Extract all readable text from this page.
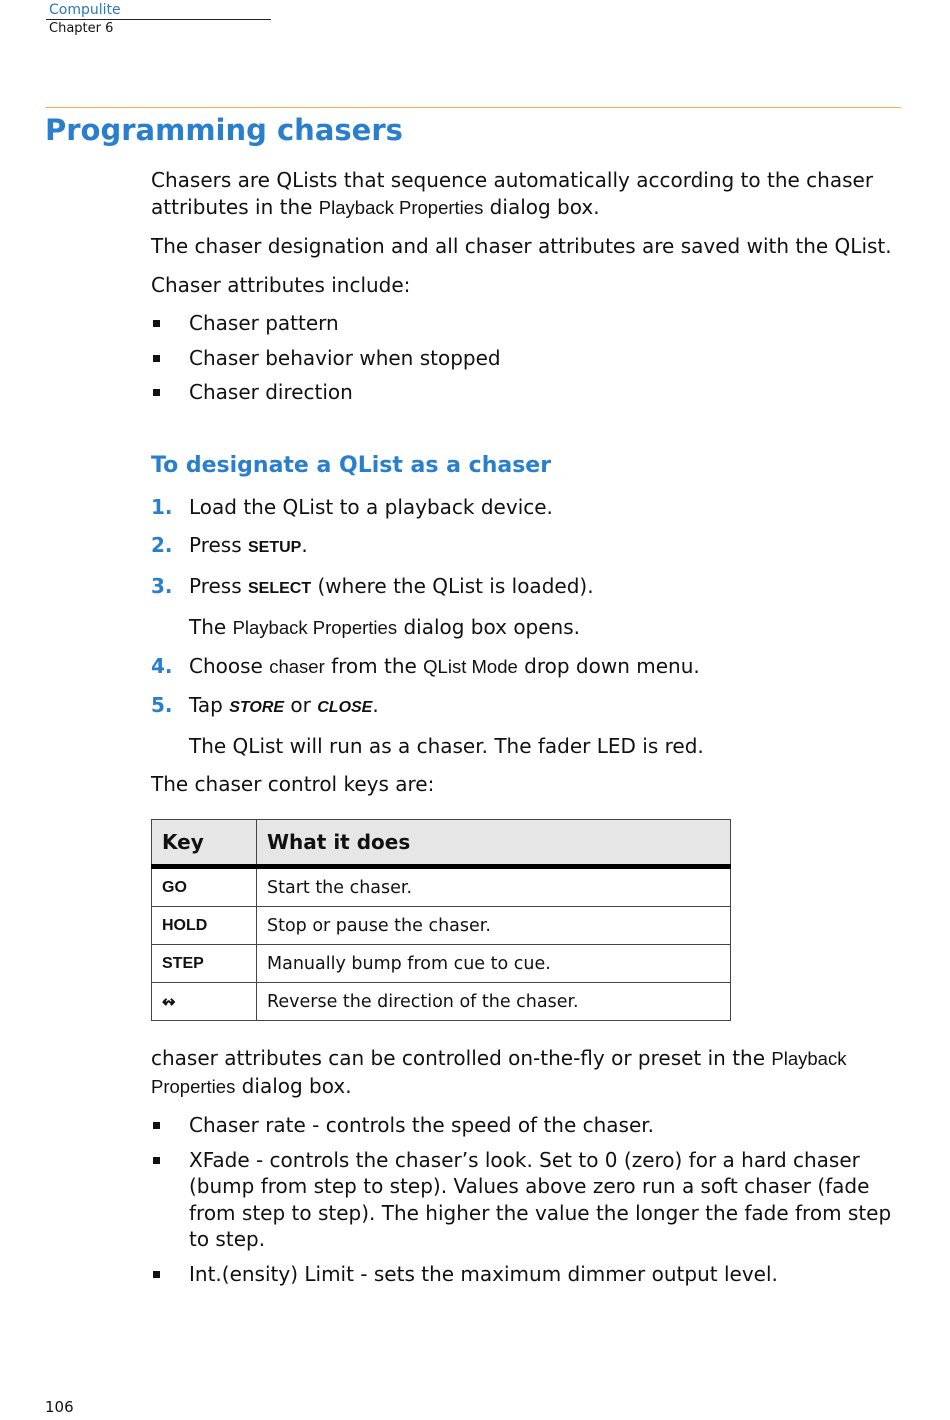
Compulite
Chapter 6
Programming chasers

Chasers are QLists that sequence automatically according to the chaser attributes in the Playback Properties dialog box.

The chaser designation and all chaser attributes are saved with the QList.

Chaser attributes include:

Chaser pattern
Chaser behavior when stopped
Chaser direction
To designate a QList as a chaser
1. Load the QList to a playback device.
2. Press SETUP.
3. Press SELECT (where the QList is loaded).

The Playback Properties dialog box opens.

4. Choose chaser from the QList Mode drop down menu.
5. Tap STORE or CLOSE.

The QList will run as a chaser. The fader LED is red.

The chaser control keys are:

Key	What it does
GO	Start the chaser.
HOLD	Stop or pause the chaser.
STEP	Manually bump from cue to cue.
↭	Reverse the direction of the chaser.

chaser attributes can be controlled on-the-fly or preset in the Playback Properties dialog box.

Chaser rate - controls the speed of the chaser.
XFade - controls the chaser’s look. Set to 0 (zero) for a hard chaser (bump from step to step). Values above zero run a soft chaser (fade from step to step). The higher the value the longer the fade from step to step.
Int.(ensity) Limit - sets the maximum dimmer output level.
106
